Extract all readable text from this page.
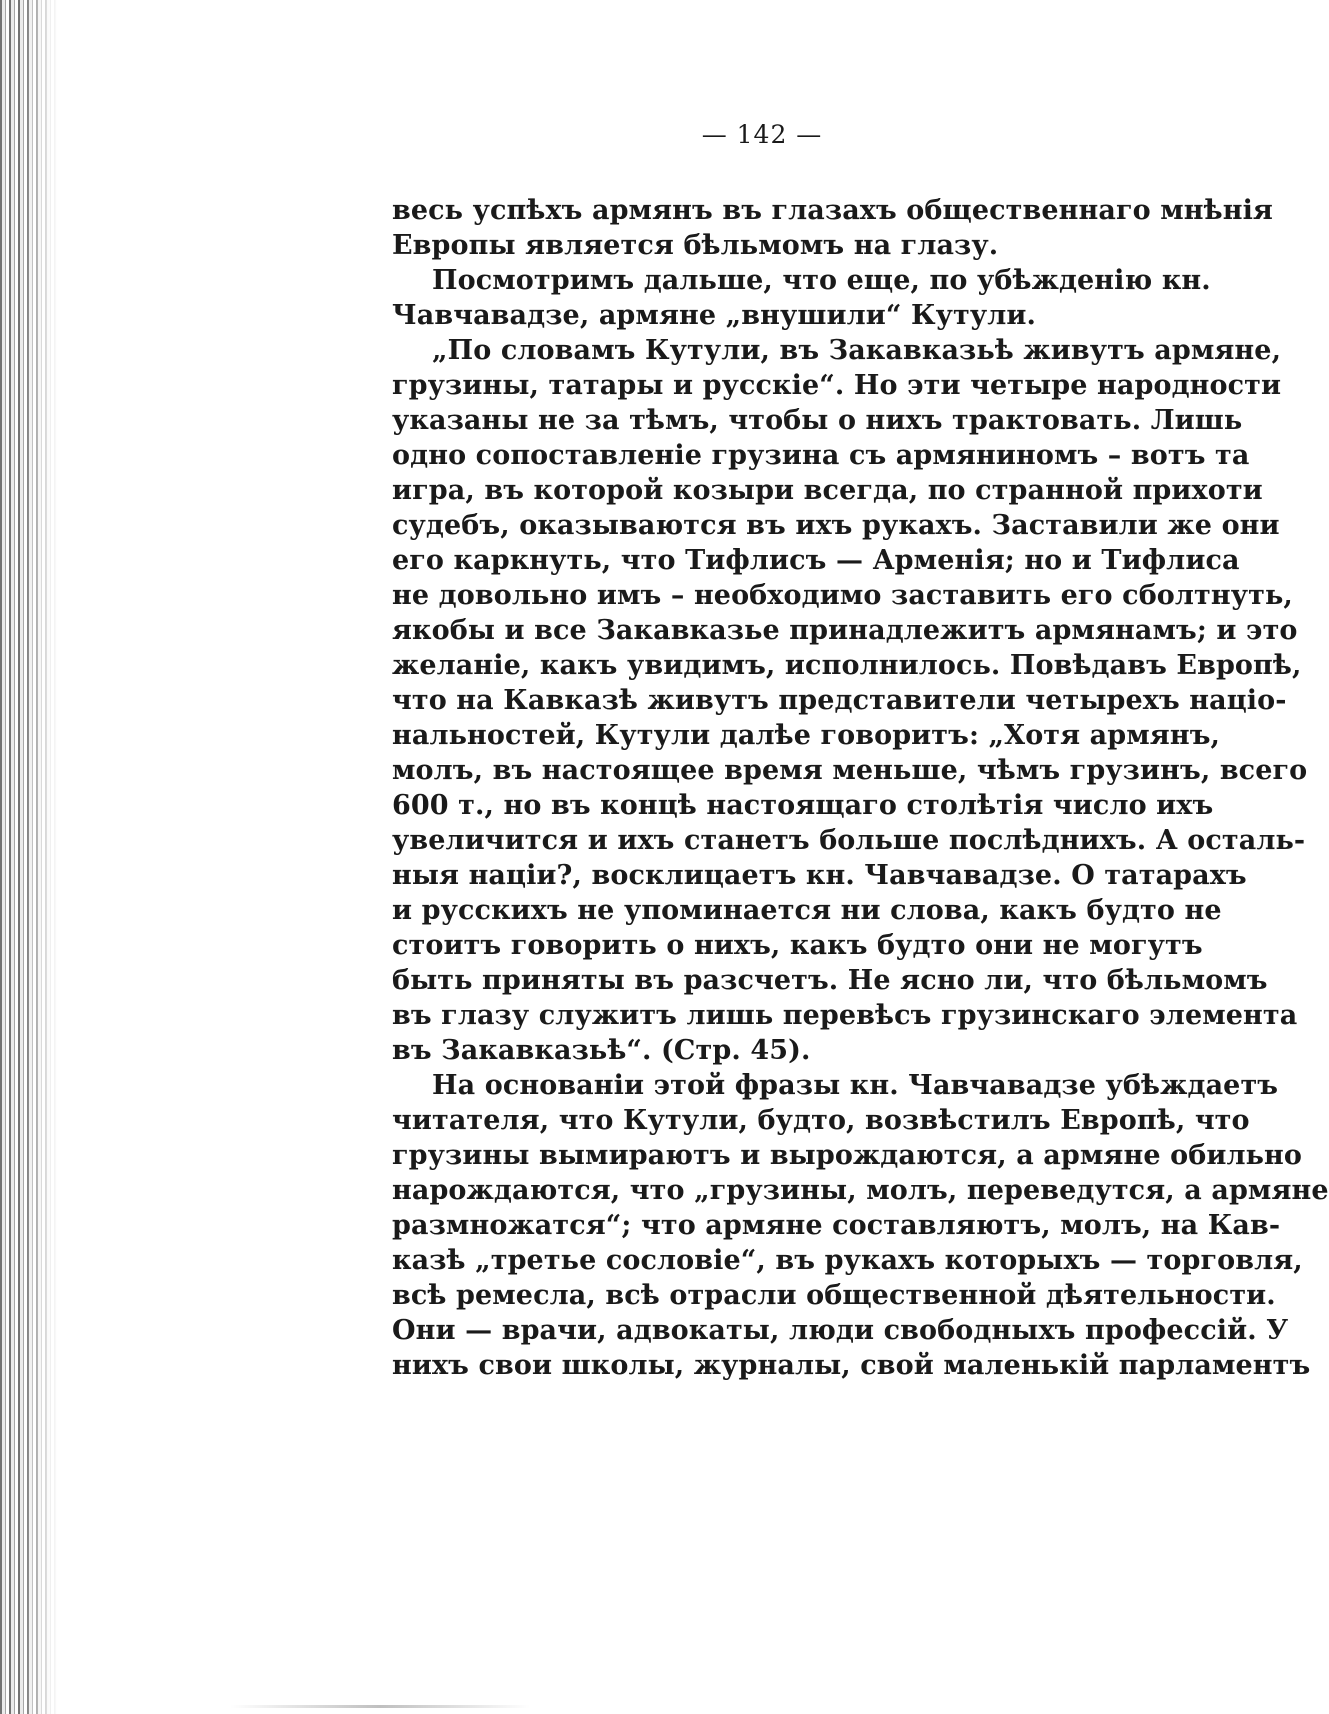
— 142 —

весь успѣхъ армянъ въ глазахъ общественнаго мнѣнія
Европы является бѣльмомъ на глазу.

Посмотримъ дальше, что еще, по убѣжденію кн.
Чавчавадзе, армяне „внушили“ Кутули.

„По словамъ Кутули, въ Закавказьѣ живутъ армяне,
грузины, татары и русскіе“. Но эти четыре народности
указаны не за тѣмъ, чтобы о нихъ трактовать. Лишь
одно сопоставленіе грузина съ армяниномъ – вотъ та
игра, въ которой козыри всегда, по странной прихоти
судебъ, оказываются въ ихъ рукахъ. Заставили же они
его каркнуть, что Тифлисъ — Арменія; но и Тифлиса
не довольно имъ – необходимо заставить его сболтнуть,
якобы и все Закавказье принадлежитъ армянамъ; и это
желаніе, какъ увидимъ, исполнилось. Повѣдавъ Европѣ,
что на Кавказѣ живутъ представители четырехъ націо-
нальностей, Кутули далѣе говоритъ: „Хотя армянъ,
молъ, въ настоящее время меньше, чѣмъ грузинъ, всего
600 т., но въ концѣ настоящаго столѣтія число ихъ
увеличится и ихъ станетъ больше послѣднихъ. А осталь-
ныя націи?, восклицаетъ кн. Чавчавадзе. О татарахъ
и русскихъ не упоминается ни слова, какъ будто не
стоитъ говорить о нихъ, какъ будто они не могутъ
быть приняты въ разсчетъ. Не ясно ли, что бѣльмомъ
въ глазу служитъ лишь перевѣсъ грузинскаго элемента
въ Закавказьѣ“. (Стр. 45).

На основаніи этой фразы кн. Чавчавадзе убѣждаетъ
читателя, что Кутули, будто, возвѣстилъ Европѣ, что
грузины вымираютъ и вырождаются, а армяне обильно
нарождаются, что „грузины, молъ, переведутся, а армяне
размножатся“; что армяне составляютъ, молъ, на Кав-
казѣ „третье сословіе“, въ рукахъ которыхъ — торговля,
всѣ ремесла, всѣ отрасли общественной дѣятельности.
Они — врачи, адвокаты, люди свободныхъ профессій. У
нихъ свои школы, журналы, свой маленькій парламентъ
